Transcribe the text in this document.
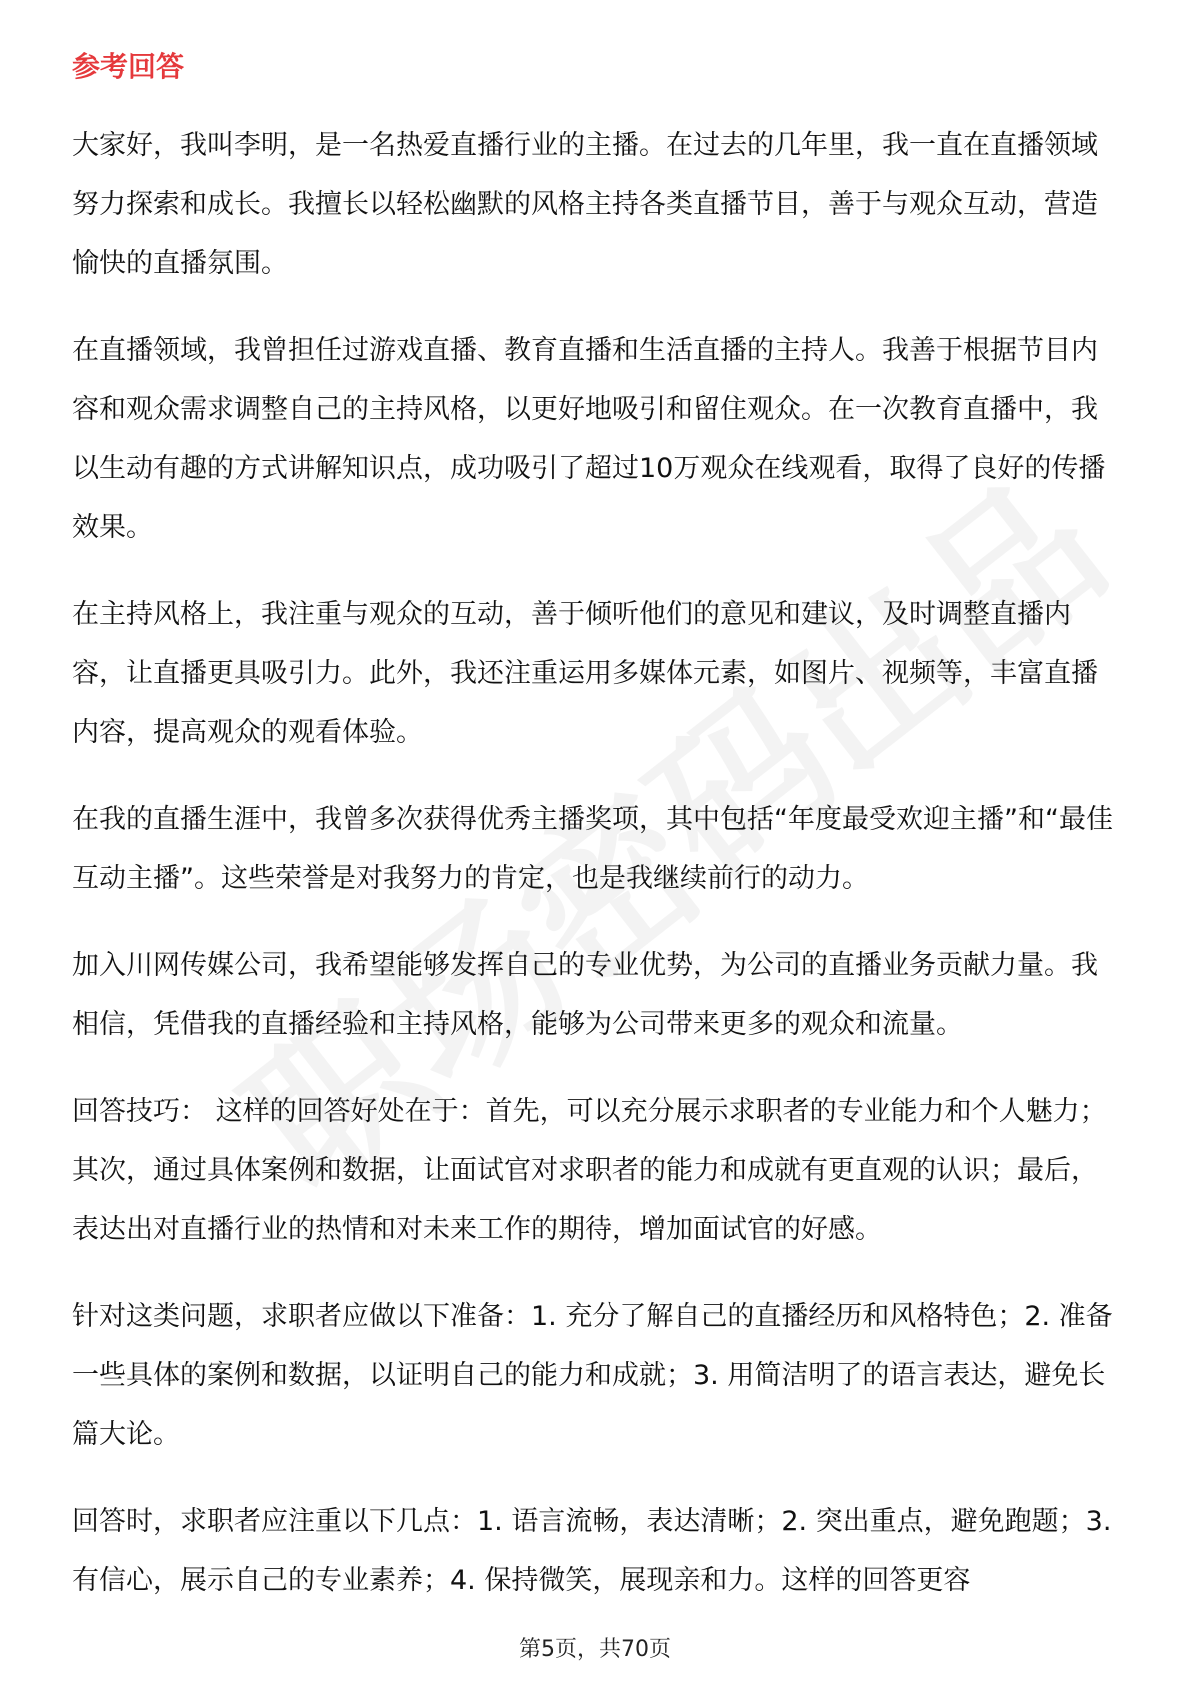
参考回答

大家好，我叫李明，是一名热爱直播行业的主播。在过去的几年里，我一直在直播领域努力探索和成长。我擅长以轻松幽默的风格主持各类直播节目，善于与观众互动，营造愉快的直播氛围。

在直播领域，我曾担任过游戏直播、教育直播和生活直播的主持人。我善于根据节目内容和观众需求调整自己的主持风格，以更好地吸引和留住观众。在一次教育直播中，我以生动有趣的方式讲解知识点，成功吸引了超过10万观众在线观看，取得了良好的传播效果。

在主持风格上，我注重与观众的互动，善于倾听他们的意见和建议，及时调整直播内容，让直播更具吸引力。此外，我还注重运用多媒体元素，如图片、视频等，丰富直播内容，提高观众的观看体验。

在我的直播生涯中，我曾多次获得优秀主播奖项，其中包括“年度最受欢迎主播”和“最佳互动主播”。这些荣誉是对我努力的肯定，也是我继续前行的动力。

加入川网传媒公司，我希望能够发挥自己的专业优势，为公司的直播业务贡献力量。我相信，凭借我的直播经验和主持风格，能够为公司带来更多的观众和流量。

回答技巧： 这样的回答好处在于：首先，可以充分展示求职者的专业能力和个人魅力；其次，通过具体案例和数据，让面试官对求职者的能力和成就有更直观的认识；最后，表达出对直播行业的热情和对未来工作的期待，增加面试官的好感。

针对这类问题，求职者应做以下准备：1. 充分了解自己的直播经历和风格特色；2. 准备一些具体的案例和数据，以证明自己的能力和成就；3. 用简洁明了的语言表达，避免长篇大论。

回答时，求职者应注重以下几点：1. 语言流畅，表达清晰；2. 突出重点，避免跑题；3. 有信心，展示自己的专业素养；4. 保持微笑，展现亲和力。这样的回答更容

第5页，共70页
